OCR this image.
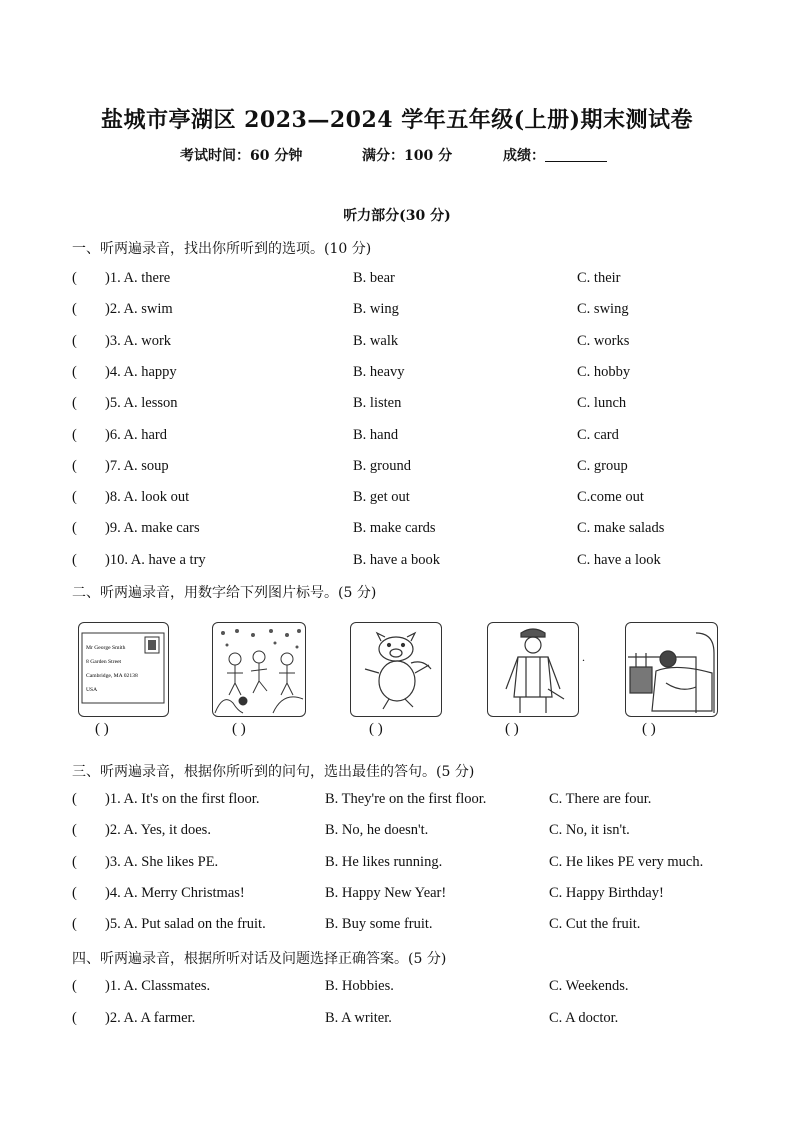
盐城市亭湖区 2023—2024 学年五年级(上册)期末测试卷
考试时间：60 分钟	满分：100 分	成绩：
听力部分(30 分)
一、听两遍录音，找出你所听到的选项。(10 分)
( )1. A. there	B. bear	C. their
( )2. A. swim	B. wing	C. swing
( )3. A. work	B. walk	C. works
( )4. A. happy	B. heavy	C. hobby
( )5. A. lesson	B. listen	C. lunch
( )6. A. hard	B. hand	C. card
( )7. A. soup	B. ground	C. group
( )8. A. look out	B. get out	C.come out
( )9. A. make cars	B. make cards	C. make salads
( )10. A. have a try	B. have a book	C. have a look
二、听两遍录音，用数字给下列图片标号。(5 分)
Mr George Smith
8 Garden Street
Cambridge, MA 02138
USA
.
( )	( )	( )	( )	( )
三、听两遍录音，根据你所听到的问句，选出最佳的答句。(5 分)
( )1. A. It's on the first floor.	B. They're on the first floor.	C. There are four.
( )2. A. Yes, it does.	B. No, he doesn't.	C. No, it isn't.
( )3. A. She likes PE.	B. He likes running.	C. He likes PE very much.
( )4. A. Merry Christmas!	B. Happy New Year!	C. Happy Birthday!
( )5. A. Put salad on the fruit.	B. Buy some fruit.	C. Cut the fruit.
四、听两遍录音，根据所听对话及问题选择正确答案。(5 分)
( )1. A. Classmates.	B. Hobbies.	C. Weekends.
( )2. A. A farmer.	B. A writer.	C. A doctor.
